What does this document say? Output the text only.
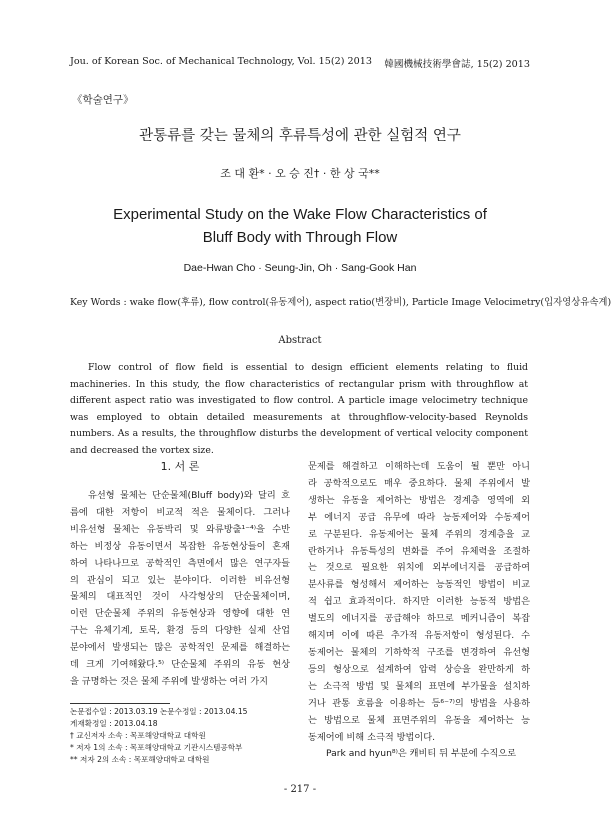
Jou. of Korean Soc. of Mechanical Technology, Vol. 15(2) 2013 韓國機械技術學會誌, 15(2) 2013
《학술연구》
관통류를 갖는 물체의 후류특성에 관한 실험적 연구
조 대 환* · 오 승 진† · 한 상 국**
Experimental Study on the Wake Flow Characteristics of
Bluff Body with Through Flow
Dae-Hwan Cho · Seung-Jin, Oh · Sang-Gook Han
Key Words : wake flow(후류), flow control(유동제어), aspect ratio(변장비), Particle Image Velocimetry(입자영상유속계)
Abstract
Flow control of flow field is essential to design efficient elements relating to fluid machineries. In this study, the flow characteristics of rectangular prism with throughflow at different aspect ratio was investigated to flow control. A particle image velocimetry technique was employed to obtain detailed measurements at throughflow-velocity-based Reynolds numbers. As a results, the throughflow disturbs the development of vertical velocity component and decreased the vortex size.
1. 서 론
유선형 물체는 단순물체(Bluff body)와 달리 흐
름에 대한 저항이 비교적 적은 물체이다. 그러나
비유선형 물체는 유동박리 및 와류방출¹⁻⁴⁾을 수반
하는 비정상 유동이면서 복잡한 유동현상들이 혼재
하여 나타나므로 공학적인 측면에서 많은 연구자들
의 관심이 되고 있는 분야이다. 이러한 비유선형
물체의 대표적인 것이 사각형상의 단순물체이며,
이런 단순물체 주위의 유동현상과 영향에 대한 연
구는 유체기계, 토목, 환경 등의 다양한 실제 산업
분야에서 발생되는 많은 공학적인 문제를 해결하는
데 크게 기여해왔다.⁵⁾ 단순물체 주위의 유동 현상
을 규명하는 것은 물체 주위에 발생하는 여러 가지
문제를 해결하고 이해하는데 도움이 될 뿐만 아니
라 공학적으로도 매우 중요하다. 물체 주위에서 발
생하는 유동을 제어하는 방법은 경계층 영역에 외
부 에너지 공급 유무에 따라 능동제어와 수동제어
로 구분된다. 유동제어는 물체 주위의 경계층을 교
란하거나 유동특성의 변화를 주어 유체력을 조절하
는 것으로 필요한 위치에 외부에너지를 공급하여
분사류를 형성해서 제어하는 능동적인 방법이 비교
적 쉽고 효과적이다. 하지만 이러한 능동적 방법은
별도의 에너지를 공급해야 하므로 메커니즘이 복잡
해지며 이에 따른 추가적 유동저항이 형성된다. 수
동제어는 물체의 기하학적 구조를 변경하여 유선형
등의 형상으로 설계하여 압력 상승을 완만하게 하
는 소극적 방법 및 물체의 표면에 부가물을 설치하
거나 관통 흐름을 이용하는 등⁶⁻⁷⁾의 방법을 사용하
는 방법으로 물체 표면주위의 유동을 제어하는 능
동제어에 비해 소극적 방법이다.
Park and hyun⁸⁾은 캐비티 뒤 부분에 수직으로
논문접수일 : 2013.03.19 논문수정일 : 2013.04.15
게재확정일 : 2013.04.18
† 교신저자 소속 : 목포해양대학교 대학원
* 저자 1의 소속 : 목포해양대학교 기관시스템공학부
** 저자 2의 소속 : 목포해양대학교 대학원
- 217 -
